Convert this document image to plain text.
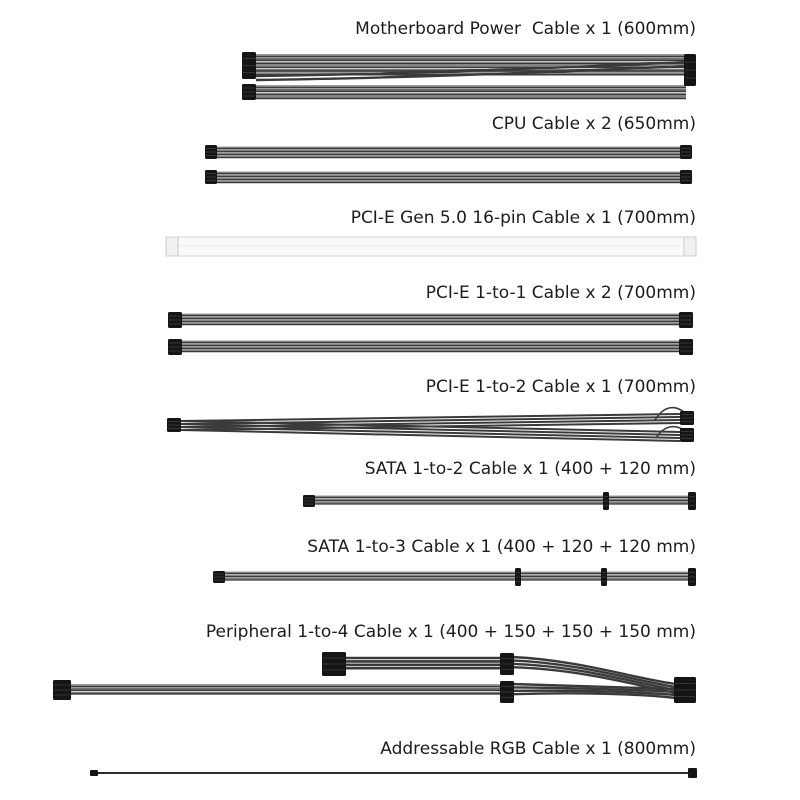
Motherboard Power  Cable x 1 (600mm)
CPU Cable x 2 (650mm)
PCI-E Gen 5.0 16-pin Cable x 1 (700mm)
PCI-E 1-to-1 Cable x 2 (700mm)
PCI-E 1-to-2 Cable x 1 (700mm)
SATA 1-to-2 Cable x 1 (400 + 120 mm)
SATA 1-to-3 Cable x 1 (400 + 120 + 120 mm)
Peripheral 1-to-4 Cable x 1 (400 + 150 + 150 + 150 mm)
Addressable RGB Cable x 1 (800mm)
